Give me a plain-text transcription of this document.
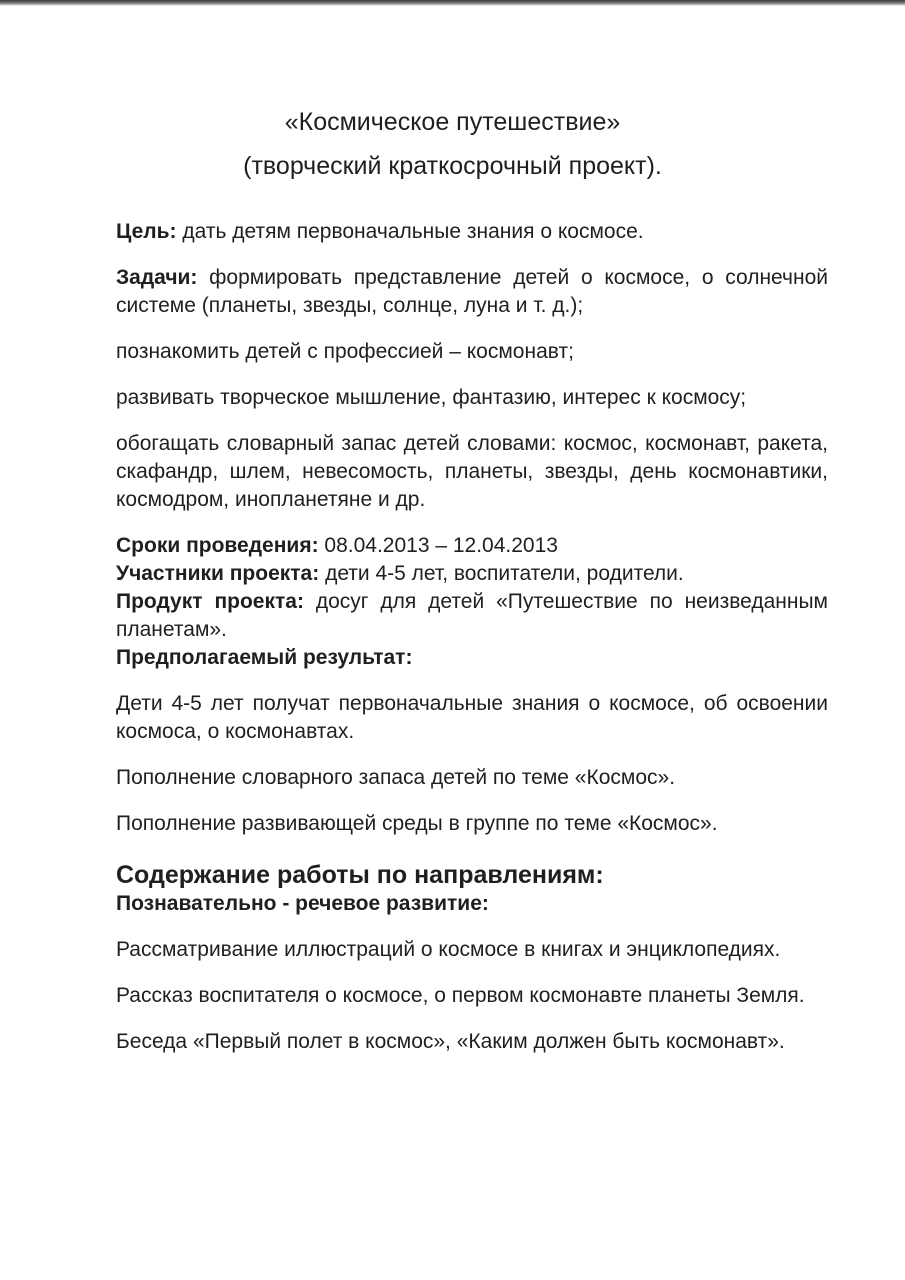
«Космическое путешествие»
(творческий краткосрочный проект).

Цель: дать детям первоначальные знания о космосе.

Задачи: формировать представление детей о космосе, о солнечной системе (планеты, звезды, солнце, луна и т. д.);

познакомить детей с профессией – космонавт;

развивать творческое мышление, фантазию, интерес к космосу;

обогащать словарный запас детей словами: космос, космонавт, ракета, скафандр, шлем, невесомость, планеты, звезды, день космонавтики, космодром, инопланетяне и др.

Сроки проведения: 08.04.2013 – 12.04.2013

Участники проекта: дети 4-5 лет, воспитатели, родители.

Продукт проекта: досуг для детей «Путешествие по неизведанным планетам».

Предполагаемый результат:

Дети 4-5 лет получат первоначальные знания о космосе, об освоении космоса, о космонавтах.

Пополнение словарного запаса детей по теме «Космос».

Пополнение развивающей среды в группе по теме «Космос».

Содержание работы по направлениям:

Познавательно - речевое развитие:

Рассматривание иллюстраций о космосе в книгах и энциклопедиях.

Рассказ воспитателя о космосе, о первом космонавте планеты Земля.

Беседа «Первый полет в космос», «Каким должен быть космонавт».
